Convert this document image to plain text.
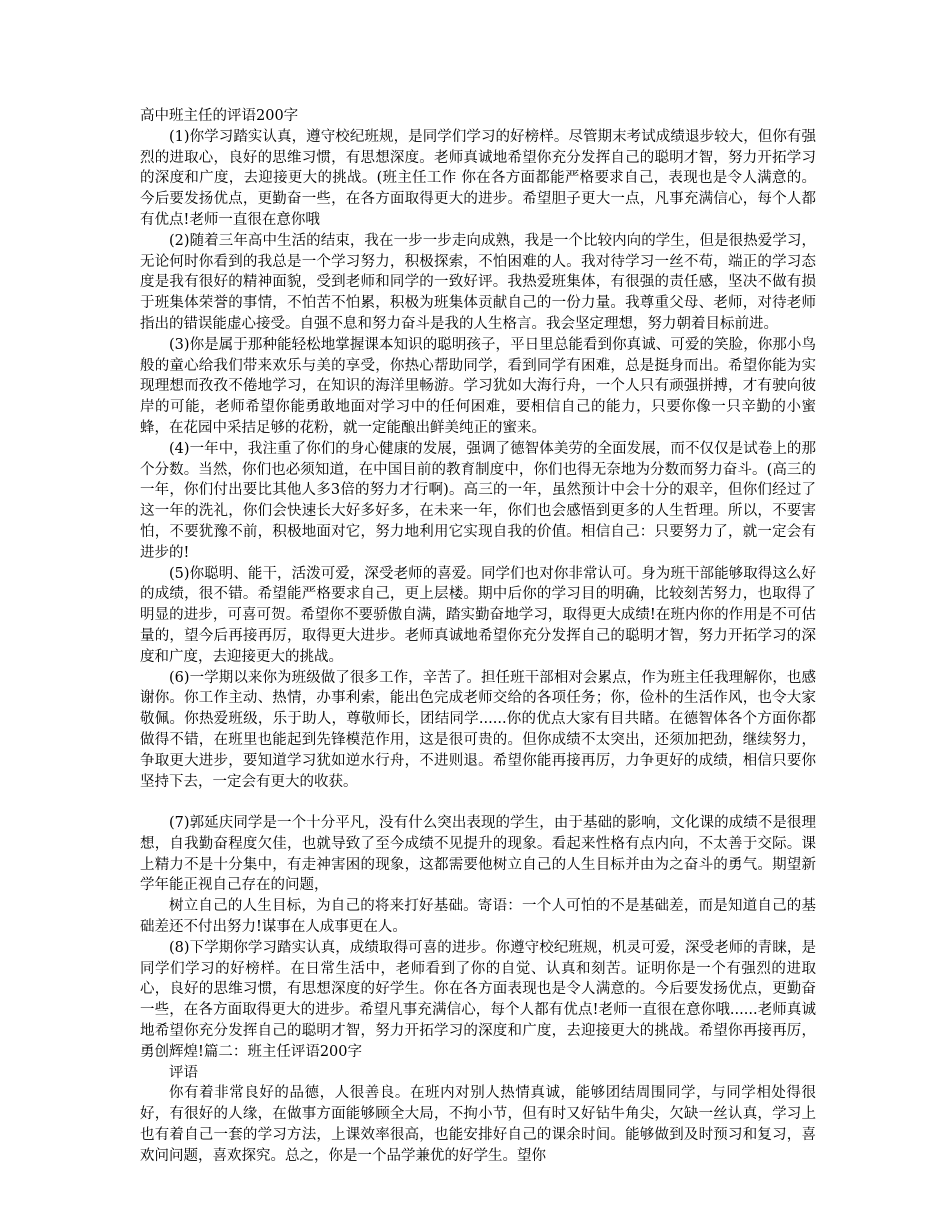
高中班主任的评语200字

(1)你学习踏实认真，遵守校纪班规，是同学们学习的好榜样。尽管期末考试成绩退步较大，但你有强烈的进取心，良好的思维习惯，有思想深度。老师真诚地希望你充分发挥自己的聪明才智，努力开拓学习的深度和广度，去迎接更大的挑战。(班主任工作 你在各方面都能严格要求自己，表现也是令人满意的。今后要发扬优点，更勤奋一些，在各方面取得更大的进步。希望胆子更大一点，凡事充满信心，每个人都有优点!老师一直很在意你哦

(2)随着三年高中生活的结束，我在一步一步走向成熟，我是一个比较内向的学生，但是很热爱学习，无论何时你看到的我总是一个学习努力，积极探索，不怕困难的人。我对待学习一丝不苟，端正的学习态度是我有很好的精神面貌，受到老师和同学的一致好评。我热爱班集体，有很强的责任感，坚决不做有损于班集体荣誉的事情，不怕苦不怕累，积极为班集体贡献自己的一份力量。我尊重父母、老师，对待老师指出的错误能虚心接受。自强不息和努力奋斗是我的人生格言。我会坚定理想，努力朝着目标前进。

(3)你是属于那种能轻松地掌握课本知识的聪明孩子，平日里总能看到你真诚、可爱的笑脸，你那小鸟般的童心给我们带来欢乐与美的享受，你热心帮助同学，看到同学有困难，总是挺身而出。希望你能为实现理想而孜孜不倦地学习，在知识的海洋里畅游。学习犹如大海行舟，一个人只有顽强拼搏，才有驶向彼岸的可能，老师希望你能勇敢地面对学习中的任何困难，要相信自己的能力，只要你像一只辛勤的小蜜蜂，在花园中采拮足够的花粉，就一定能酿出鲜美纯正的蜜来。

(4)一年中，我注重了你们的身心健康的发展，强调了德智体美劳的全面发展，而不仅仅是试卷上的那个分数。当然，你们也必须知道，在中国目前的教育制度中，你们也得无奈地为分数而努力奋斗。(高三的一年，你们付出要比其他人多3倍的努力才行啊)。高三的一年，虽然预计中会十分的艰辛，但你们经过了这一年的洗礼，你们会快速长大好多好多，在未来一年，你们也会感悟到更多的人生哲理。所以，不要害怕，不要犹豫不前，积极地面对它，努力地利用它实现自我的价值。相信自己：只要努力了，就一定会有进步的!

(5)你聪明、能干，活泼可爱，深受老师的喜爱。同学们也对你非常认可。身为班干部能够取得这么好的成绩，很不错。希望能严格要求自己，更上层楼。期中后你的学习目的明确，比较刻苦努力，也取得了明显的进步，可喜可贺。希望你不要骄傲自满，踏实勤奋地学习，取得更大成绩!在班内你的作用是不可估量的，望今后再接再厉，取得更大进步。老师真诚地希望你充分发挥自己的聪明才智，努力开拓学习的深度和广度，去迎接更大的挑战。

(6)一学期以来你为班级做了很多工作，辛苦了。担任班干部相对会累点，作为班主任我理解你，也感谢你。你工作主动、热情，办事利索，能出色完成老师交给的各项任务；你，俭朴的生活作风，也令大家敬佩。你热爱班级，乐于助人，尊敬师长，团结同学......你的优点大家有目共睹。在德智体各个方面你都做得不错，在班里也能起到先锋模范作用，这是很可贵的。但你成绩不太突出，还须加把劲，继续努力，争取更大进步，要知道学习犹如逆水行舟，不进则退。希望你能再接再厉，力争更好的成绩，相信只要你坚持下去，一定会有更大的收获。

(7)郭延庆同学是一个十分平凡，没有什么突出表现的学生，由于基础的影响，文化课的成绩不是很理想，自我勤奋程度欠佳，也就导致了至今成绩不见提升的现象。看起来性格有点内向，不太善于交际。课上精力不是十分集中，有走神害困的现象，这都需要他树立自己的人生目标并由为之奋斗的勇气。期望新学年能正视自己存在的问题，

树立自己的人生目标，为自己的将来打好基础。寄语：一个人可怕的不是基础差，而是知道自己的基础差还不付出努力!谋事在人成事更在人。

(8)下学期你学习踏实认真，成绩取得可喜的进步。你遵守校纪班规，机灵可爱，深受老师的青睐，是同学们学习的好榜样。在日常生活中，老师看到了你的自觉、认真和刻苦。证明你是一个有强烈的进取心，良好的思维习惯，有思想深度的好学生。你在各方面表现也是令人满意的。今后要发扬优点，更勤奋一些，在各方面取得更大的进步。希望凡事充满信心，每个人都有优点!老师一直很在意你哦......老师真诚地希望你充分发挥自己的聪明才智，努力开拓学习的深度和广度，去迎接更大的挑战。希望你再接再厉，勇创辉煌!篇二：班主任评语200字

评语

你有着非常良好的品德，人很善良。在班内对别人热情真诚，能够团结周围同学，与同学相处得很好，有很好的人缘，在做事方面能够顾全大局，不拘小节，但有时又好钻牛角尖，欠缺一丝认真，学习上也有着自己一套的学习方法，上课效率很高，也能安排好自己的课余时间。能够做到及时预习和复习，喜欢问问题，喜欢探究。总之，你是一个品学兼优的好学生。望你
